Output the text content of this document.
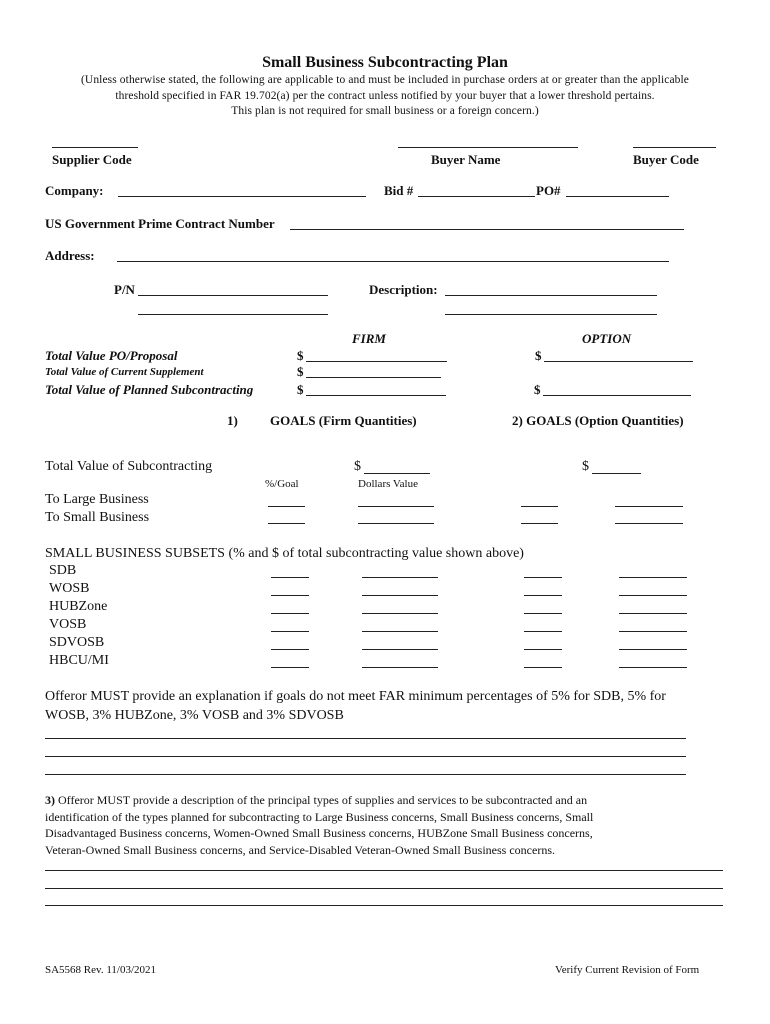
Small Business Subcontracting Plan
(Unless otherwise stated, the following are applicable to and must be included in purchase orders at or greater than the applicable
threshold specified in FAR 19.702(a) per the contract unless notified by your buyer that a lower threshold pertains.
This plan is not required for small business or a foreign concern.)
Supplier Code	Buyer Name	Buyer Code
Company:	Bid #	PO#
US Government Prime Contract Number
Address:
P/N	Description:
FIRM	OPTION
Total Value PO/Proposal	$	$
Total Value of Current Supplement	$
Total Value of Planned Subcontracting	$	$
1) GOALS (Firm Quantities)	2) GOALS (Option Quantities)
Total Value of Subcontracting	$	$
%/Goal	Dollars Value
To Large Business
To Small Business
SMALL BUSINESS SUBSETS (% and $ of total subcontracting value shown above)
SDB
WOSB
HUBZone
VOSB
SDVOSB
HBCU/MI
Offeror MUST provide an explanation if goals do not meet FAR minimum percentages of 5% for SDB, 5% for
WOSB, 3% HUBZone, 3% VOSB and 3% SDVOSB
3) Offeror MUST provide a description of the principal types of supplies and services to be subcontracted and an
identification of the types planned for subcontracting to Large Business concerns, Small Business concerns, Small
Disadvantaged Business concerns, Women-Owned Small Business concerns, HUBZone Small Business concerns,
Veteran-Owned Small Business concerns, and Service-Disabled Veteran-Owned Small Business concerns.
SA5568 Rev. 11/03/2021	Verify Current Revision of Form
